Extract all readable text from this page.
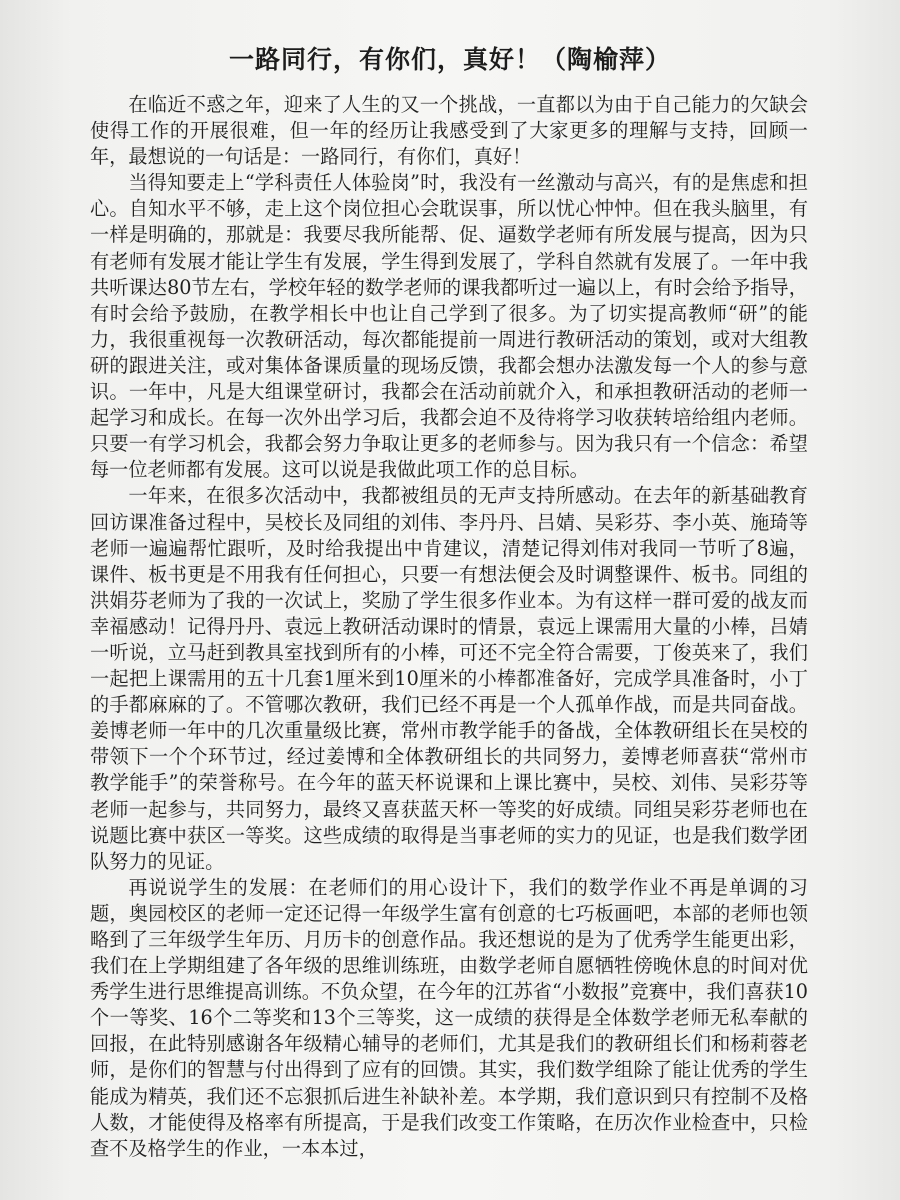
一路同行，有你们，真好！（陶榆萍）

在临近不惑之年，迎来了人生的又一个挑战，一直都以为由于自己能力的欠缺会使得工作的开展很难，但一年的经历让我感受到了大家更多的理解与支持，回顾一年，最想说的一句话是：一路同行，有你们，真好！

当得知要走上“学科责任人体验岗”时，我没有一丝激动与高兴，有的是焦虑和担心。自知水平不够，走上这个岗位担心会耽误事，所以忧心忡忡。但在我头脑里，有一样是明确的，那就是：我要尽我所能帮、促、逼数学老师有所发展与提高，因为只有老师有发展才能让学生有发展，学生得到发展了，学科自然就有发展了。一年中我共听课达80节左右，学校年轻的数学老师的课我都听过一遍以上，有时会给予指导，有时会给予鼓励，在教学相长中也让自己学到了很多。为了切实提高教师“研”的能力，我很重视每一次教研活动，每次都能提前一周进行教研活动的策划，或对大组教研的跟进关注，或对集体备课质量的现场反馈，我都会想办法激发每一个人的参与意识。一年中，凡是大组课堂研讨，我都会在活动前就介入，和承担教研活动的老师一起学习和成长。在每一次外出学习后，我都会迫不及待将学习收获转培给组内老师。只要一有学习机会，我都会努力争取让更多的老师参与。因为我只有一个信念：希望每一位老师都有发展。这可以说是我做此项工作的总目标。

一年来，在很多次活动中，我都被组员的无声支持所感动。在去年的新基础教育回访课准备过程中，吴校长及同组的刘伟、李丹丹、吕婧、吴彩芬、李小英、施琦等老师一遍遍帮忙跟听，及时给我提出中肯建议，清楚记得刘伟对我同一节听了8遍，课件、板书更是不用我有任何担心，只要一有想法便会及时调整课件、板书。同组的洪娟芬老师为了我的一次试上，奖励了学生很多作业本。为有这样一群可爱的战友而幸福感动！记得丹丹、袁远上教研活动课时的情景，袁远上课需用大量的小棒，吕婧一听说，立马赶到教具室找到所有的小棒，可还不完全符合需要，丁俊英来了，我们一起把上课需用的五十几套1厘米到10厘米的小棒都准备好，完成学具准备时，小丁的手都麻麻的了。不管哪次教研，我们已经不再是一个人孤单作战，而是共同奋战。姜博老师一年中的几次重量级比赛，常州市教学能手的备战，全体教研组长在吴校的带领下一个个环节过，经过姜博和全体教研组长的共同努力，姜博老师喜获“常州市教学能手”的荣誉称号。在今年的蓝天杯说课和上课比赛中，吴校、刘伟、吴彩芬等老师一起参与，共同努力，最终又喜获蓝天杯一等奖的好成绩。同组吴彩芬老师也在说题比赛中获区一等奖。这些成绩的取得是当事老师的实力的见证，也是我们数学团队努力的见证。

再说说学生的发展：在老师们的用心设计下，我们的数学作业不再是单调的习题，奥园校区的老师一定还记得一年级学生富有创意的七巧板画吧，本部的老师也领略到了三年级学生年历、月历卡的创意作品。我还想说的是为了优秀学生能更出彩，我们在上学期组建了各年级的思维训练班，由数学老师自愿牺牲傍晚休息的时间对优秀学生进行思维提高训练。不负众望，在今年的江苏省“小数报”竞赛中，我们喜获10个一等奖、16个二等奖和13个三等奖，这一成绩的获得是全体数学老师无私奉献的回报，在此特别感谢各年级精心辅导的老师们，尤其是我们的教研组长们和杨莉蓉老师，是你们的智慧与付出得到了应有的回馈。其实，我们数学组除了能让优秀的学生能成为精英，我们还不忘狠抓后进生补缺补差。本学期，我们意识到只有控制不及格人数，才能使得及格率有所提高，于是我们改变工作策略，在历次作业检查中，只检查不及格学生的作业，一本本过，
